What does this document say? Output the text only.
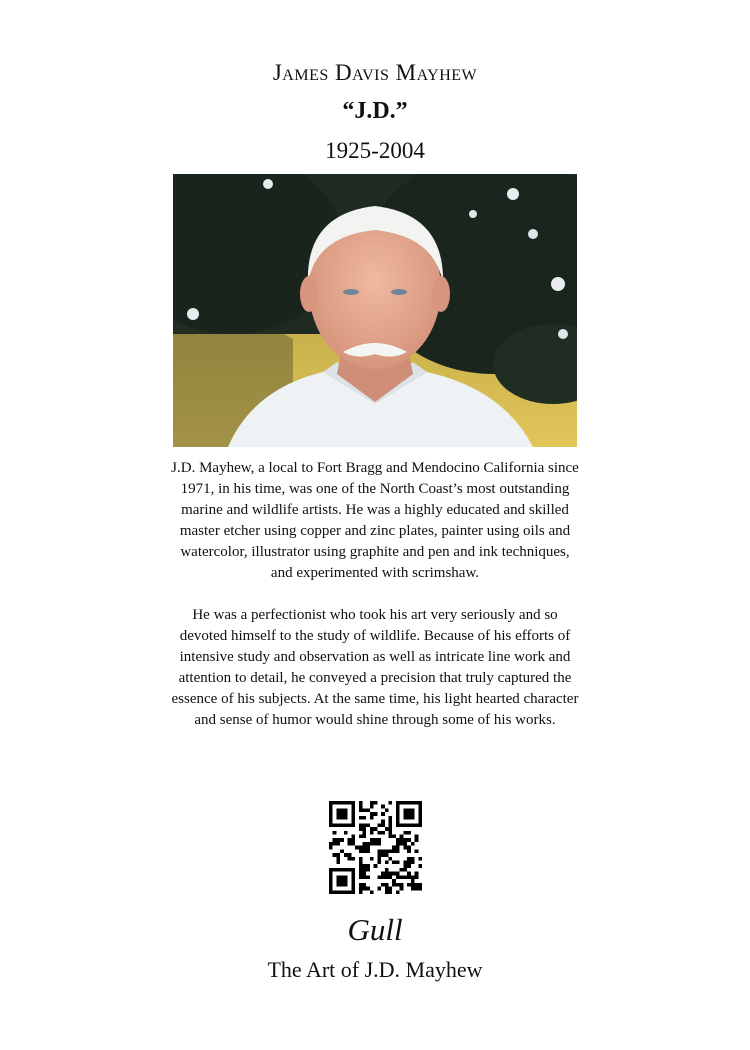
James Davis Mayhew
“J.D.”
1925-2004

J.D. Mayhew, a local to Fort Bragg and Mendocino California since 1971, in his time, was one of the North Coast’s most outstanding marine and wildlife artists. He was a highly educated and skilled master etcher using copper and zinc plates, painter using oils and watercolor, illustrator using graphite and pen and ink techniques, and experimented with scrimshaw.

He was a perfectionist who took his art very seriously and so devoted himself to the study of wildlife. Because of his efforts of intensive study and observation as well as intricate line work and attention to detail, he conveyed a precision that truly captured the essence of his subjects. At the same time, his light hearted character and sense of humor would shine through some of his works.

Gull
The Art of J.D. Mayhew
